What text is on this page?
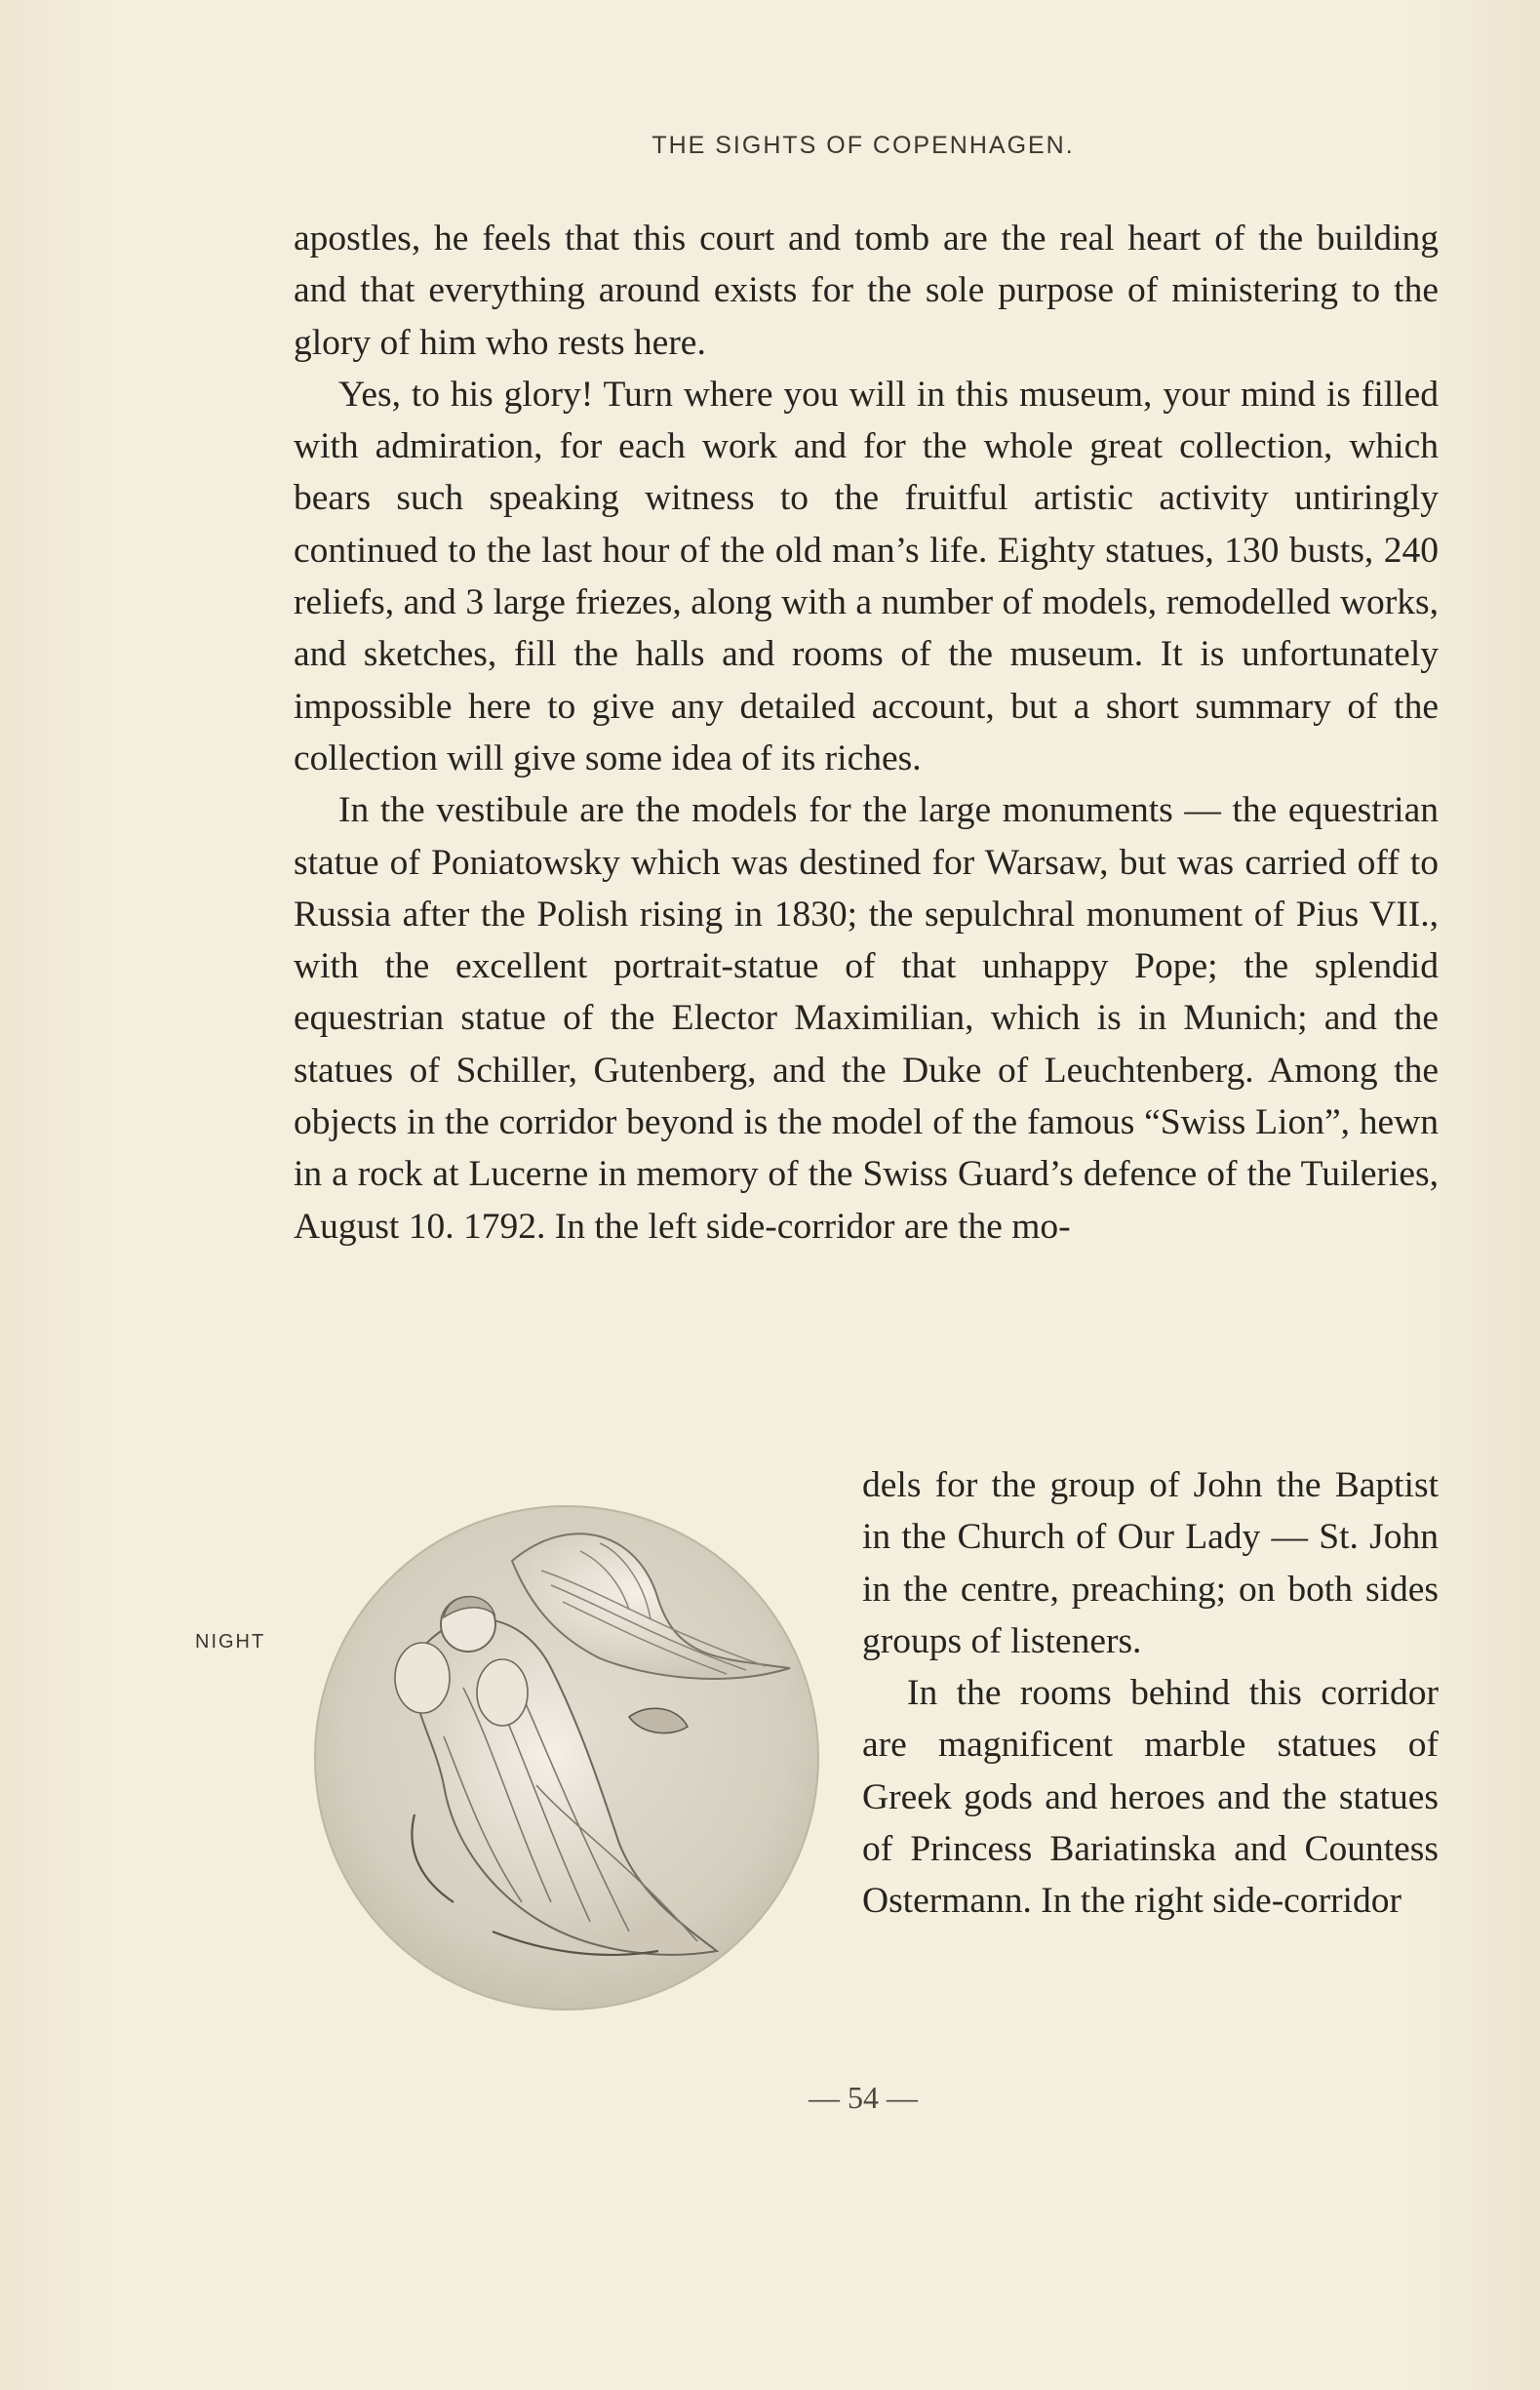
THE SIGHTS OF COPENHAGEN.

apostles, he feels that this court and tomb are the real heart of the building and that everything around exists for the sole purpose of ministering to the glory of him who rests here.

Yes, to his glory! Turn where you will in this museum, your mind is filled with admiration, for each work and for the whole great collection, which bears such speaking witness to the fruitful artistic activity untiringly continued to the last hour of the old man’s life. Eighty statues, 130 busts, 240 reliefs, and 3 large friezes, along with a number of models, remodelled works, and sketches, fill the halls and rooms of the museum. It is unfortunately impossible here to give any detailed account, but a short summary of the collection will give some idea of its riches.

In the vestibule are the models for the large monuments — the equestrian statue of Poniatowsky which was destined for Warsaw, but was carried off to Russia after the Polish rising in 1830; the sepulchral monument of Pius VII., with the excellent portrait-statue of that unhappy Pope; the splendid equestrian statue of the Elector Maximilian, which is in Munich; and the statues of Schiller, Gutenberg, and the Duke of Leuchtenberg. Among the objects in the corridor beyond is the model of the famous “Swiss Lion”, hewn in a rock at Lucerne in memory of the Swiss Guard’s defence of the Tuileries, August 10. 1792. In the left side-corridor are the mo-

dels for the group of John the Baptist in the Church of Our Lady — St. John in the centre, preaching; on both sides groups of listeners.

In the rooms behind this corridor are magnificent marble statues of Greek gods and heroes and the statues of Princess Bariatinska and Countess Ostermann. In the right side-corridor

NIGHT
— 54 —
